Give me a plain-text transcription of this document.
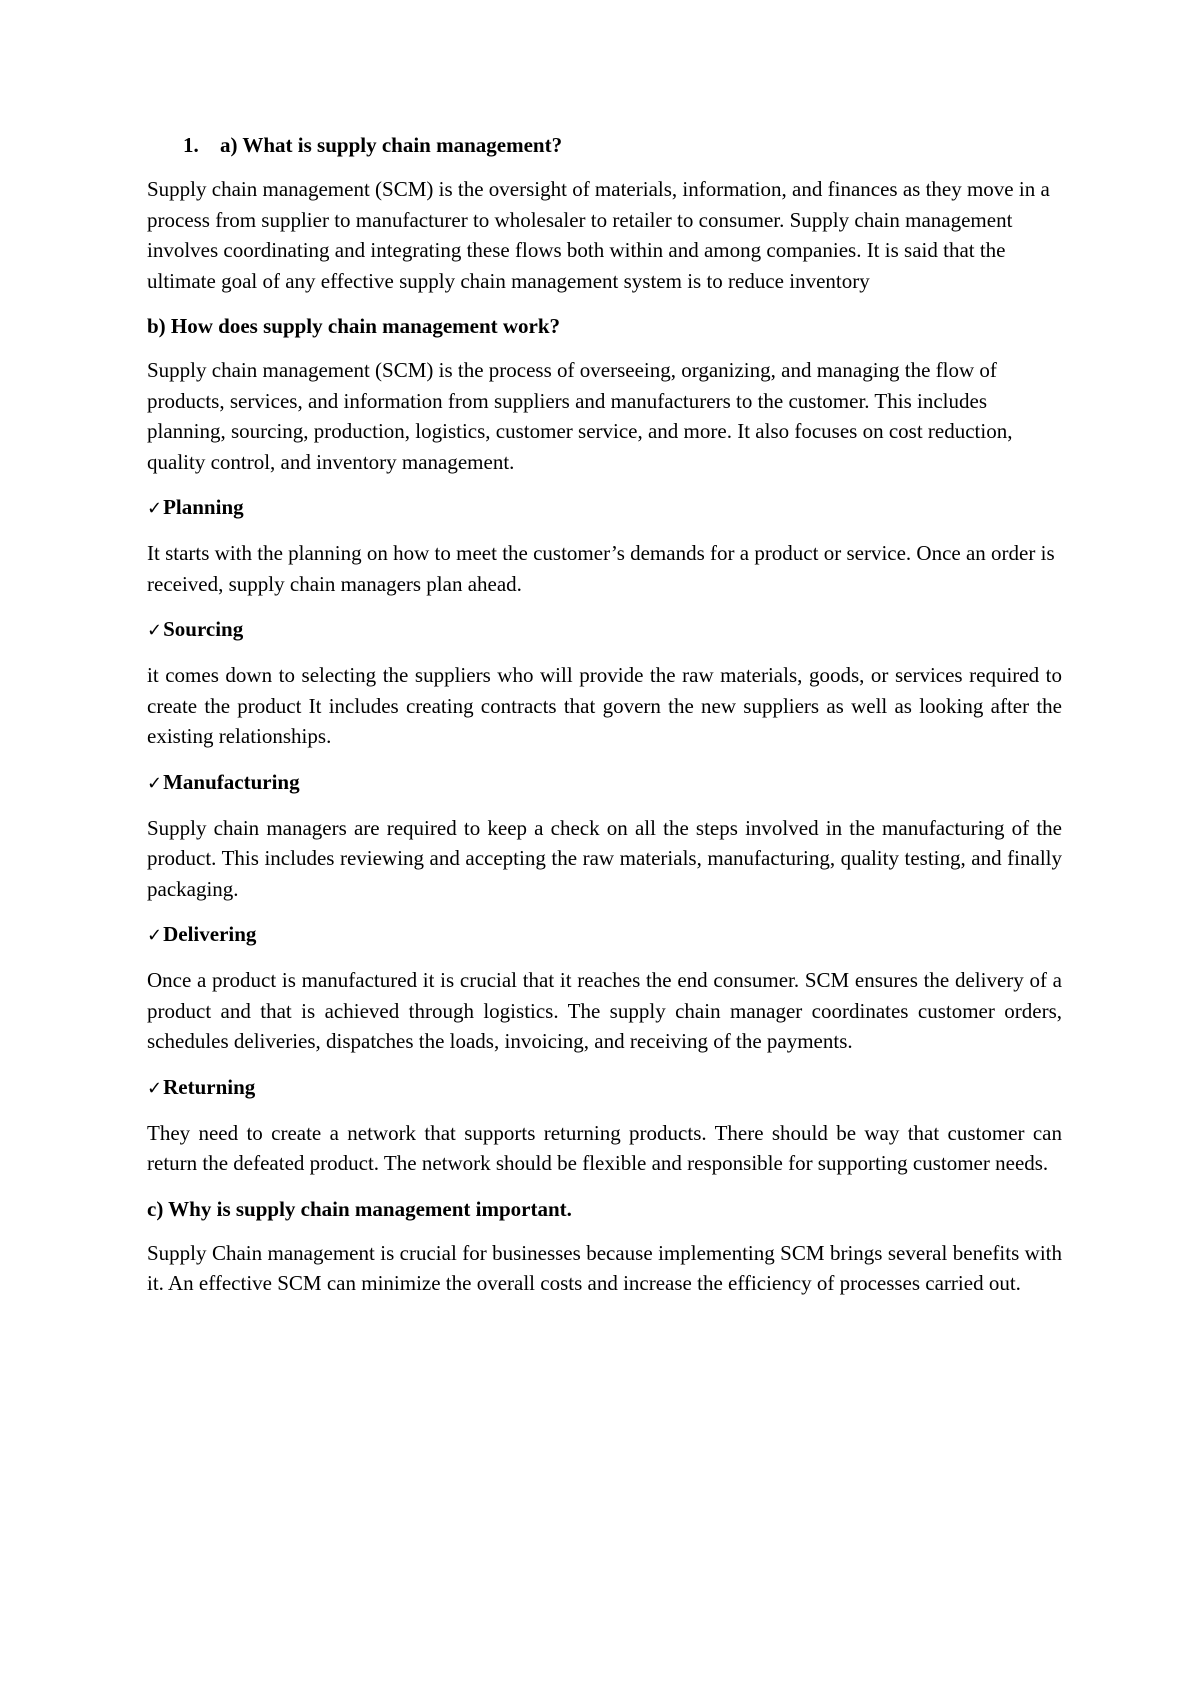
1. a) What is supply chain management?

Supply chain management (SCM) is the oversight of materials, information, and finances as they move in a process from supplier to manufacturer to wholesaler to retailer to consumer. Supply chain management involves coordinating and integrating these flows both within and among companies. It is said that the ultimate goal of any effective supply chain management system is to reduce inventory

b) How does supply chain management work?

Supply chain management (SCM) is the process of overseeing, organizing, and managing the flow of products, services, and information from suppliers and manufacturers to the customer. This includes planning, sourcing, production, logistics, customer service, and more. It also focuses on cost reduction, quality control, and inventory management.

✓Planning

It starts with the planning on how to meet the customer’s demands for a product or service. Once an order is received, supply chain managers plan ahead.

✓Sourcing

it comes down to selecting the suppliers who will provide the raw materials, goods, or services required to create the product It includes creating contracts that govern the new suppliers as well as looking after the existing relationships.

✓Manufacturing

Supply chain managers are required to keep a check on all the steps involved in the manufacturing of the product. This includes reviewing and accepting the raw materials, manufacturing, quality testing, and finally packaging.

✓Delivering

Once a product is manufactured it is crucial that it reaches the end consumer. SCM ensures the delivery of a product and that is achieved through logistics. The supply chain manager coordinates customer orders, schedules deliveries, dispatches the loads, invoicing, and receiving of the payments.

✓Returning

They need to create a network that supports returning products. There should be way that customer can return the defeated product. The network should be flexible and responsible for supporting customer needs.

c) Why is supply chain management important.

Supply Chain management is crucial for businesses because implementing SCM brings several benefits with it. An effective SCM can minimize the overall costs and increase the efficiency of processes carried out.
